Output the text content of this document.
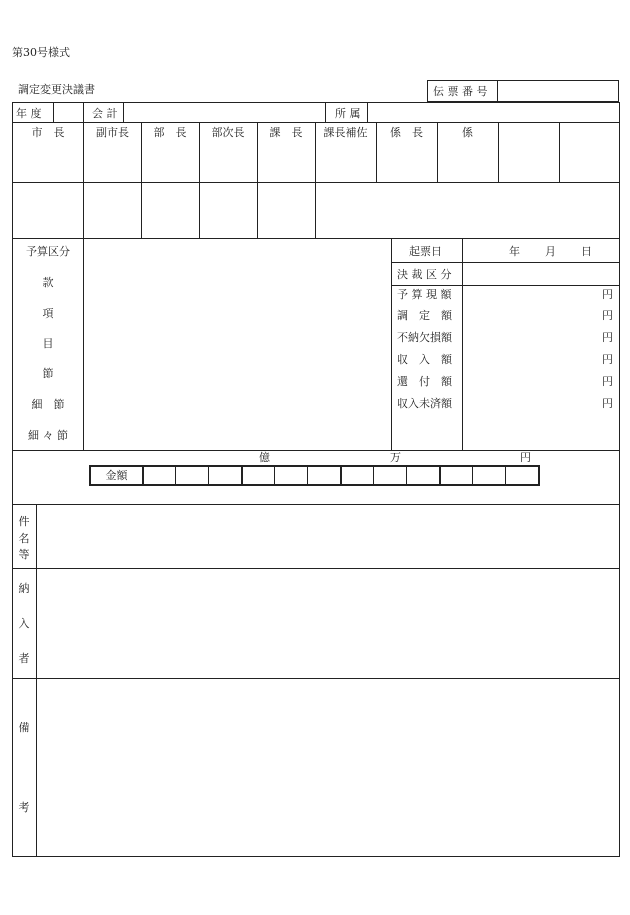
第30号様式
調定変更決議書	伝 票 番 号
年 度	会 計	所 属
市　長	副市長	部　長	部次長	課　長	課長補佐	係　長	係
予算区分
款
項
目
節
細　節
細 々 節
起票日	年 月 日
決 裁 区 分
予 算 現 額	円
調　定　額	円
不納欠損額	円
収　入　額	円
還　付　額	円
収入未済額	円
億	万	円
金額
件
名
等
納
入
者
備
考
